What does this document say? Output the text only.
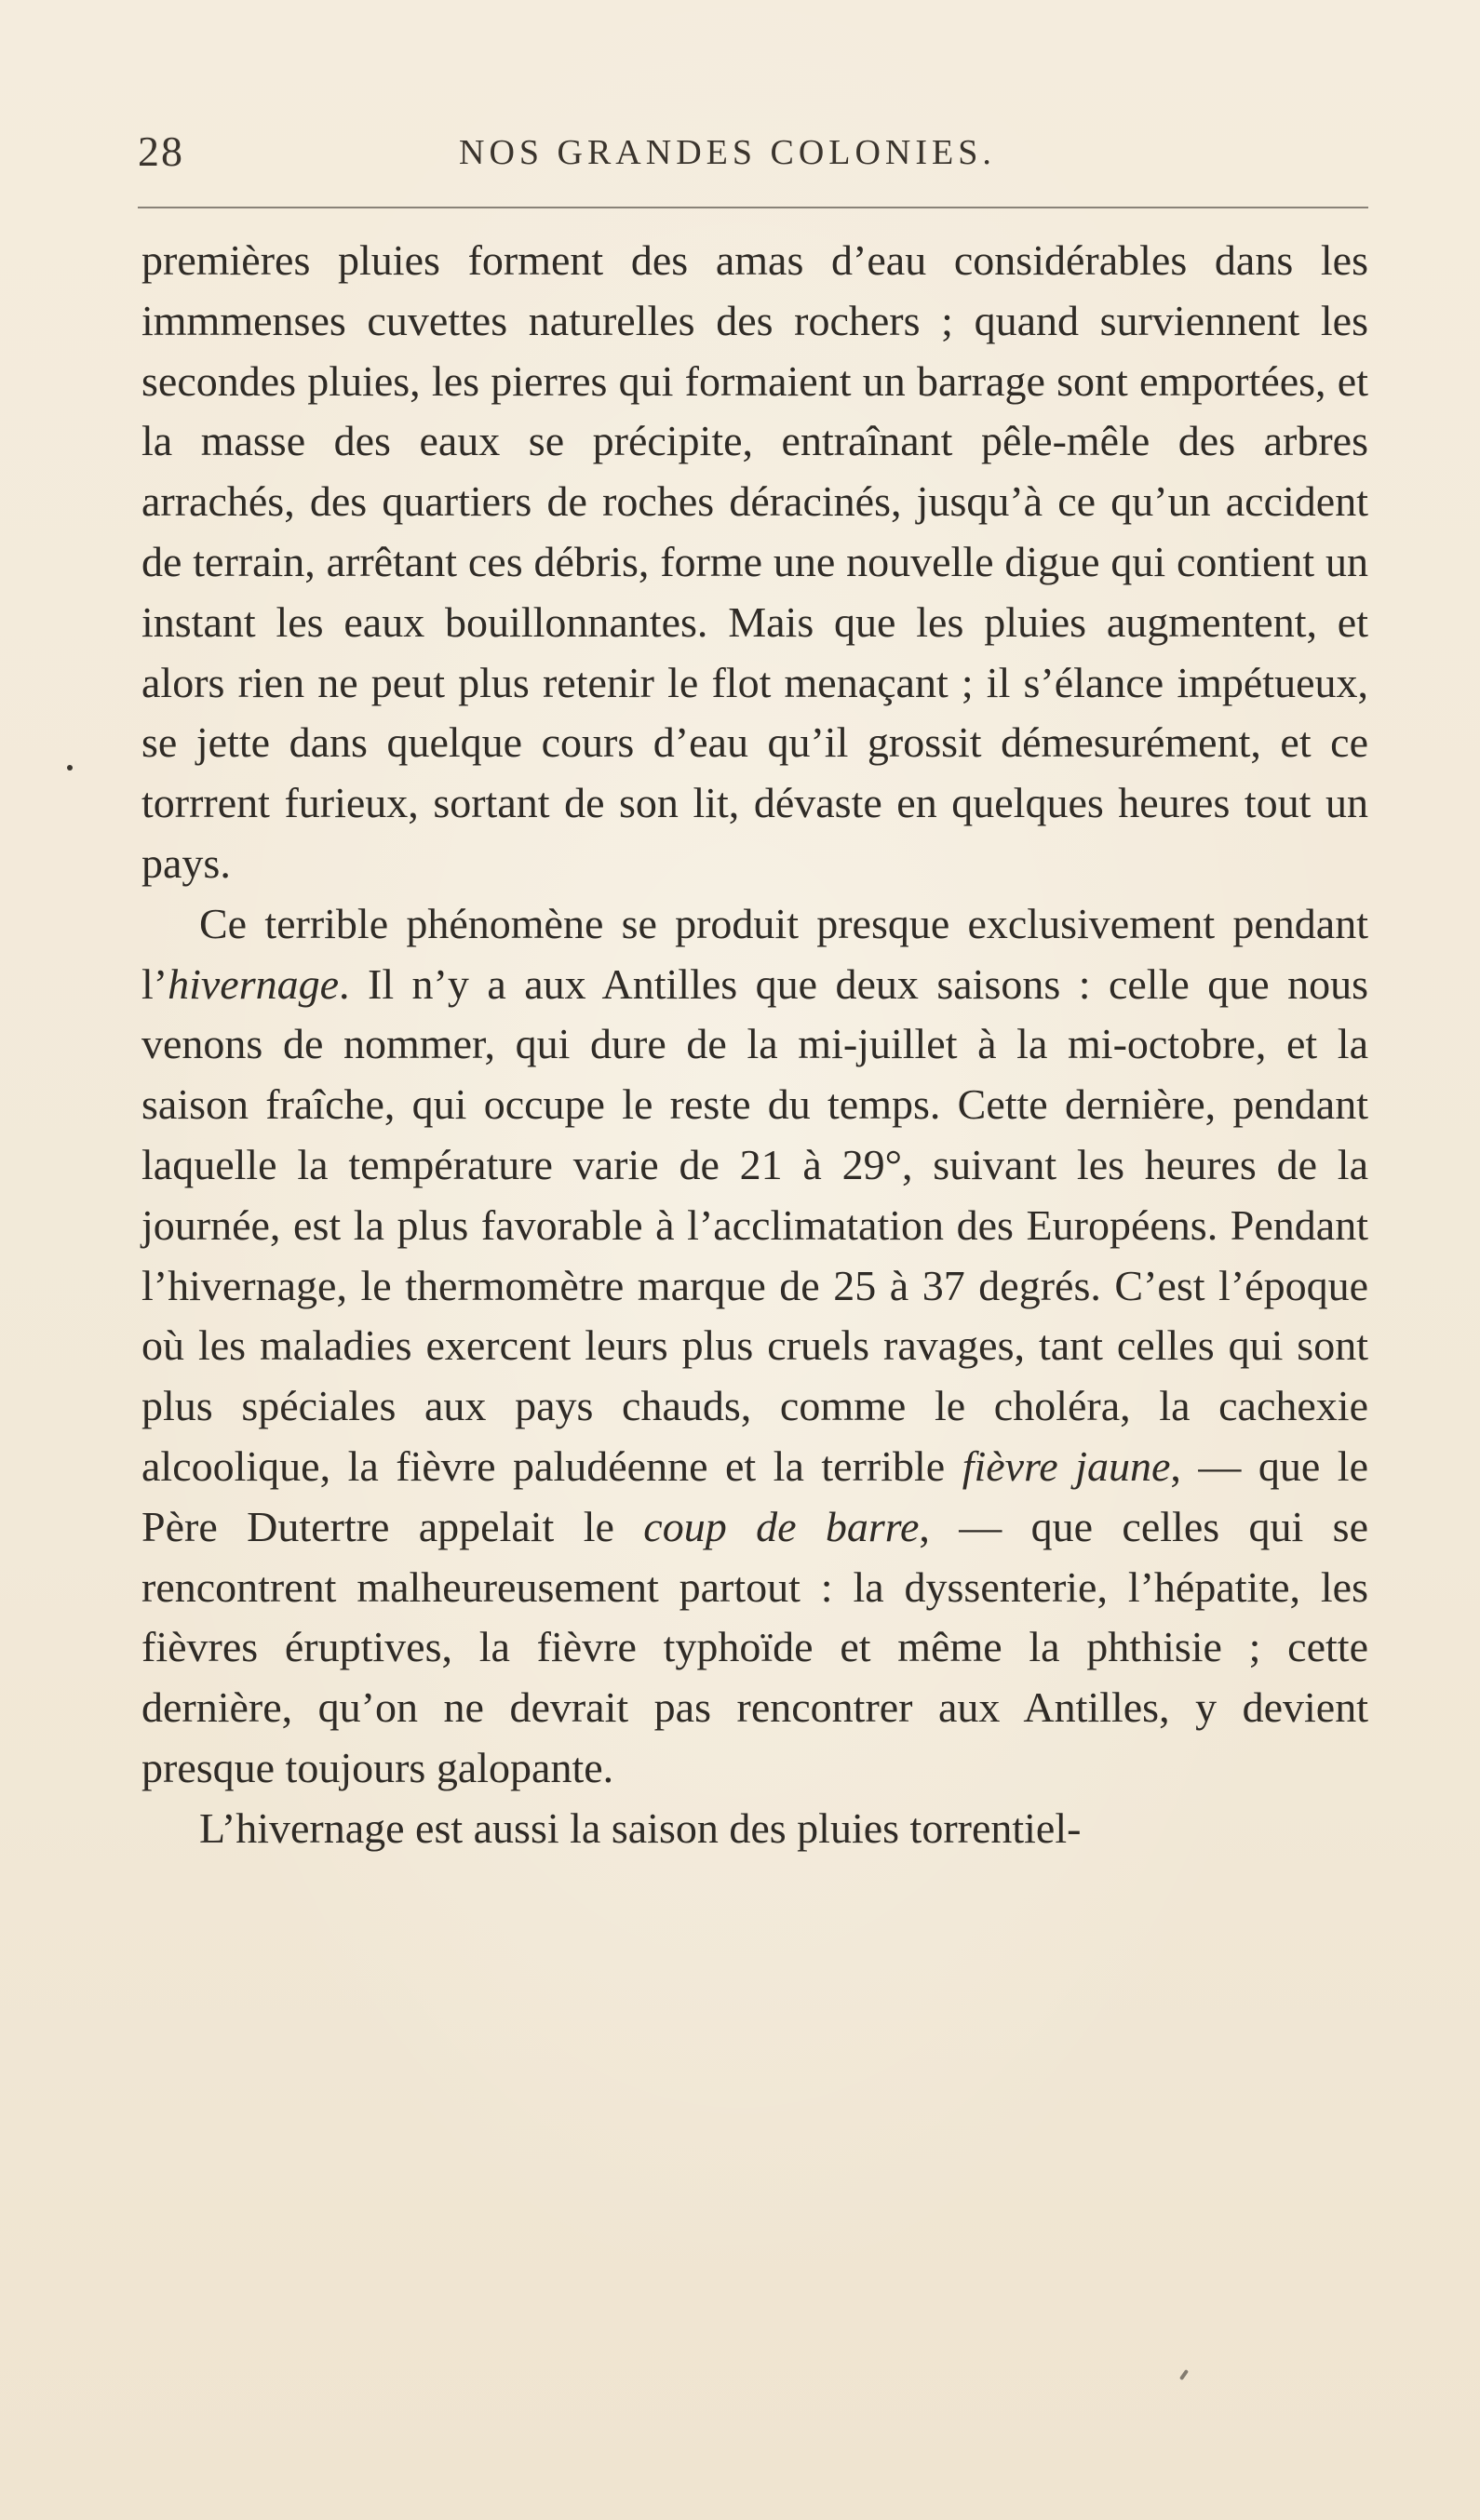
28	NOS GRANDES COLONIES.

premières pluies forment des amas d’eau considérables dans les immmenses cuvettes naturelles des rochers ; quand surviennent les secondes pluies, les pierres qui formaient un barrage sont emportées, et la masse des eaux se précipite, entraînant pêle-mêle des arbres arrachés, des quartiers de roches déracinés, jusqu’à ce qu’un accident de terrain, arrêtant ces débris, forme une nouvelle digue qui contient un instant les eaux bouillonnantes. Mais que les pluies augmentent, et alors rien ne peut plus retenir le flot menaçant ; il s’élance impétueux, se jette dans quelque cours d’eau qu’il grossit démesurément, et ce torrrent furieux, sortant de son lit, dévaste en quelques heures tout un pays.

Ce terrible phénomène se produit presque exclusivement pendant l’hivernage. Il n’y a aux Antilles que deux saisons : celle que nous venons de nommer, qui dure de la mi-juillet à la mi-octobre, et la saison fraîche, qui occupe le reste du temps. Cette dernière, pendant laquelle la température varie de 21 à 29°, suivant les heures de la journée, est la plus favorable à l’acclimatation des Européens. Pendant l’hivernage, le thermomètre marque de 25 à 37 degrés. C’est l’époque où les maladies exercent leurs plus cruels ravages, tant celles qui sont plus spéciales aux pays chauds, comme le choléra, la cachexie alcoolique, la fièvre paludéenne et la terrible fièvre jaune, — que le Père Dutertre appelait le coup de barre, — que celles qui se rencontrent malheureusement partout : la dyssenterie, l’hépatite, les fièvres éruptives, la fièvre typhoïde et même la phthisie ; cette dernière, qu’on ne devrait pas rencontrer aux Antilles, y devient presque toujours galopante.

L’hivernage est aussi la saison des pluies torrentiel-
